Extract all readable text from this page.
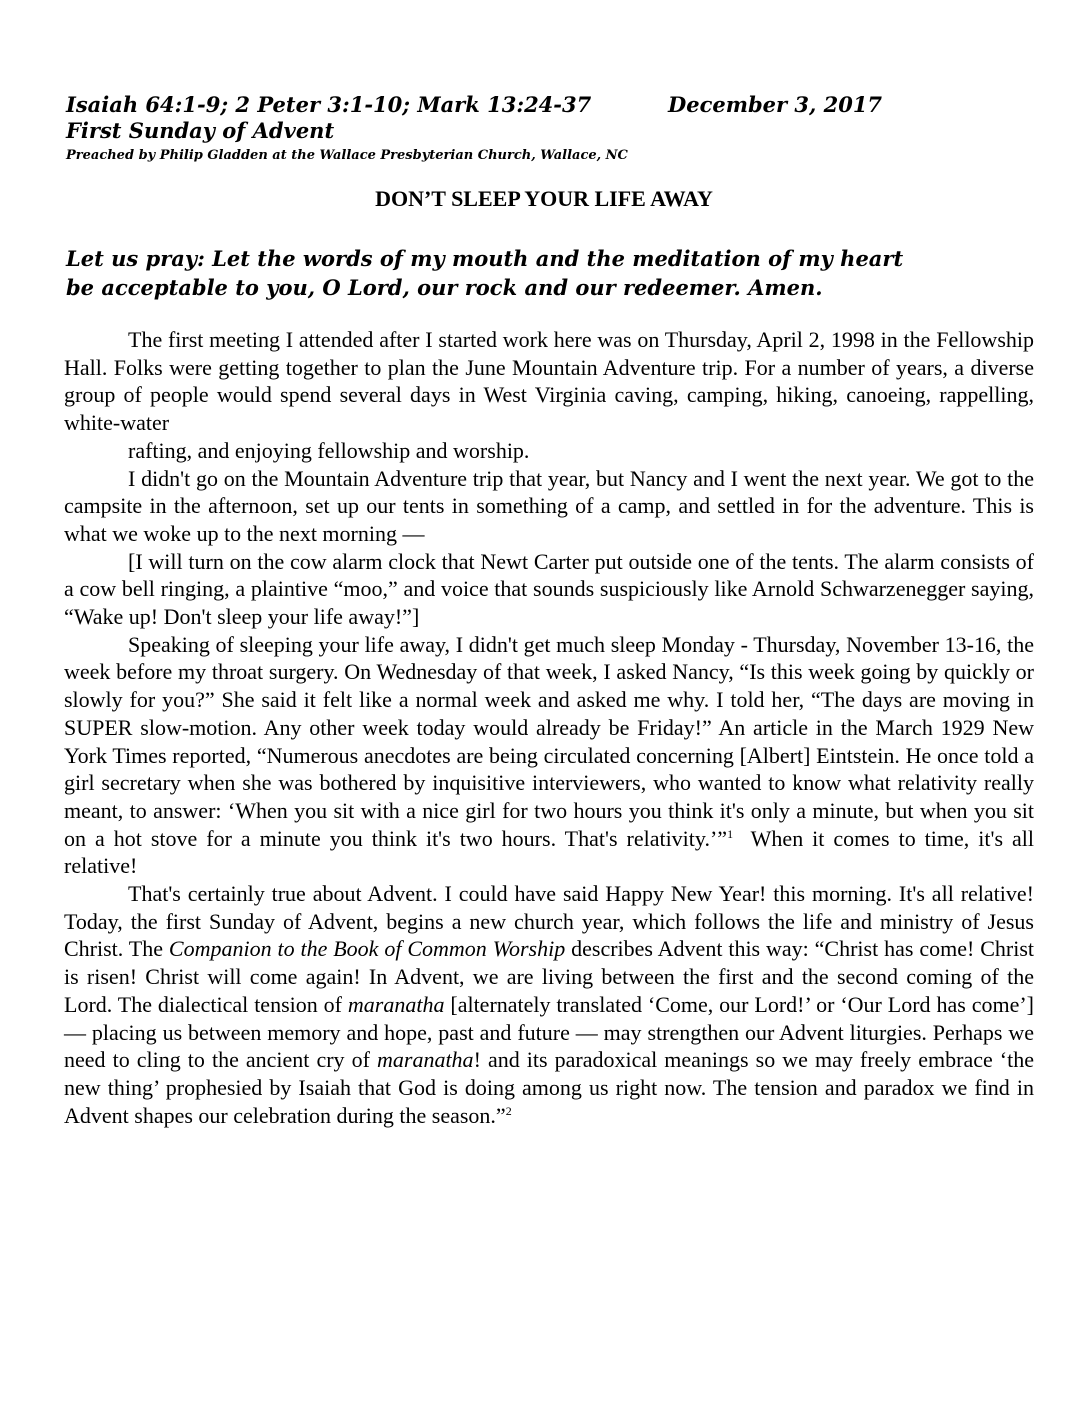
Isaiah 64:1-9; 2 Peter 3:1-10; Mark 13:24-37	December 3, 2017
First Sunday of Advent
Preached by Philip Gladden at the Wallace Presbyterian Church, Wallace, NC
DON’T SLEEP YOUR LIFE AWAY
Let us pray: Let the words of my mouth and the meditation of my heart
be acceptable to you, O Lord, our rock and our redeemer. Amen.

The first meeting I attended after I started work here was on Thursday, April 2, 1998 in the Fellowship Hall. Folks were getting together to plan the June Mountain Adventure trip. For a number of years, a diverse group of people would spend several days in West Virginia caving, camping, hiking, canoeing, rappelling, white-water

rafting, and enjoying fellowship and worship.

I didn't go on the Mountain Adventure trip that year, but Nancy and I went the next year. We got to the campsite in the afternoon, set up our tents in something of a camp, and settled in for the adventure. This is what we woke up to the next morning —

[I will turn on the cow alarm clock that Newt Carter put outside one of the tents. The alarm consists of a cow bell ringing, a plaintive “moo,” and voice that sounds suspiciously like Arnold Schwarzenegger saying, “Wake up! Don't sleep your life away!”]

Speaking of sleeping your life away, I didn't get much sleep Monday - Thursday, November 13-16, the week before my throat surgery. On Wednesday of that week, I asked Nancy, “Is this week going by quickly or slowly for you?” She said it felt like a normal week and asked me why. I told her, “The days are moving in SUPER slow-motion. Any other week today would already be Friday!” An article in the March 1929 New York Times reported, “Numerous anecdotes are being circulated concerning [Albert] Eintstein. He once told a girl secretary when she was bothered by inquisitive interviewers, who wanted to know what relativity really meant, to answer: ‘When you sit with a nice girl for two hours you think it's only a minute, but when you sit on a hot stove for a minute you think it's two hours. That's relativity.’”$^1$  When it comes to time, it's all relative!

That's certainly true about Advent. I could have said Happy New Year! this morning. It's all relative! Today, the first Sunday of Advent, begins a new church year, which follows the life and ministry of Jesus Christ. The Companion to the Book of Common Worship describes Advent this way: “Christ has come! Christ is risen! Christ will come again! In Advent, we are living between the first and the second coming of the Lord. The dialectical tension of maranatha [alternately translated ‘Come, our Lord!’ or ‘Our Lord has come’] — placing us between memory and hope, past and future — may strengthen our Advent liturgies. Perhaps we need to cling to the ancient cry of maranatha! and its paradoxical meanings so we may freely embrace ‘the new thing’ prophesied by Isaiah that God is doing among us right now. The tension and paradox we find in Advent shapes our celebration during the season.”$^2$
